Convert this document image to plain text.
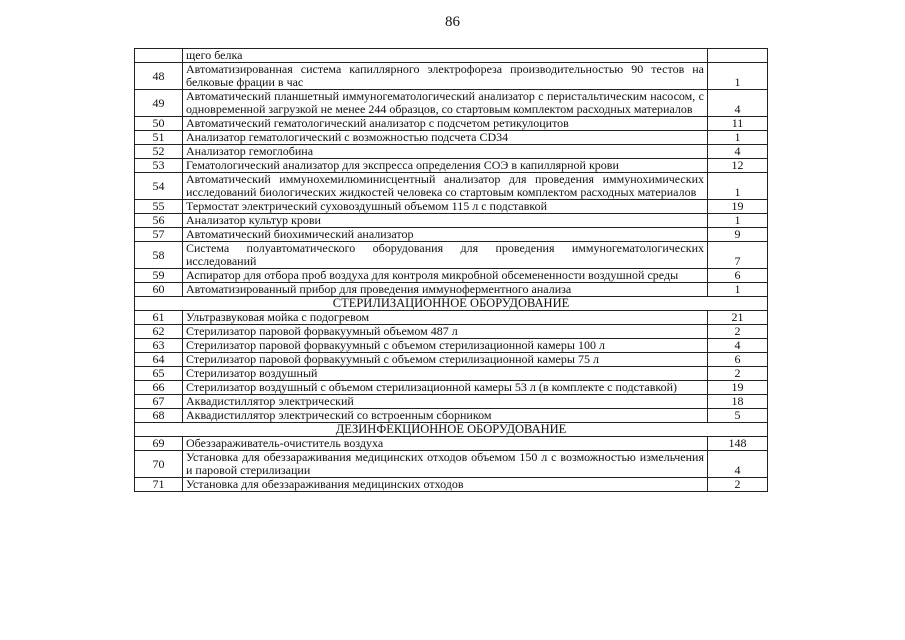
86
	щего белка	
48	Автоматизированная система капиллярного электрофореза производительностью 90 тестов на белковые фрации в час	1
49	Автоматический планшетный иммуногематологический анализатор с перистальтическим насосом, с одновременной загрузкой не менее 244 образцов, со стартовым комплектом расходных материалов	4
50	Автоматический гематологический анализатор с подсчетом ретикулоцитов	11
51	Анализатор гематологический с возможностью подсчета CD34	1
52	Анализатор гемоглобина	4
53	Гематологический анализатор для экспресса определения СОЭ в капиллярной крови	12
54	Автоматический иммунохемилюминисцентный анализатор для проведения иммунохимических исследований биологических жидкостей человека со стартовым комплектом расходных материалов	1
55	Термостат электрический суховоздушный объемом 115 л с подставкой	19
56	Анализатор культур крови	1
57	Автоматический биохимический анализатор	9
58	Система полуавтоматического оборудования для проведения иммуногематологических исследований	7
59	Аспиратор для отбора проб воздуха для контроля микробной обсемененности воздушной среды	6
60	Автоматизированный прибор для проведения иммуноферментного анализа	1
СТЕРИЛИЗАЦИОННОЕ ОБОРУДОВАНИЕ		
61	Ультразвуковая мойка с подогревом	21
62	Стерилизатор паровой форвакуумный объемом 487 л	2
63	Стерилизатор паровой форвакуумный с объемом стерилизационной камеры 100 л	4
64	Стерилизатор паровой форвакуумный с объемом стерилизационной камеры 75 л	6
65	Стерилизатор воздушный	2
66	Стерилизатор воздушный с объемом стерилизационной камеры 53 л (в комплекте с подставкой)	19
67	Аквадистиллятор электрический	18
68	Аквадистиллятор электрический со встроенным сборником	5
ДЕЗИНФЕКЦИОННОЕ ОБОРУДОВАНИЕ		
69	Обеззараживатель-очиститель воздуха	148
70	Установка для обеззараживания медицинских отходов объемом 150 л с возможностью измельчения и паровой стерилизации	4
71	Установка для обеззараживания медицинских отходов	2
